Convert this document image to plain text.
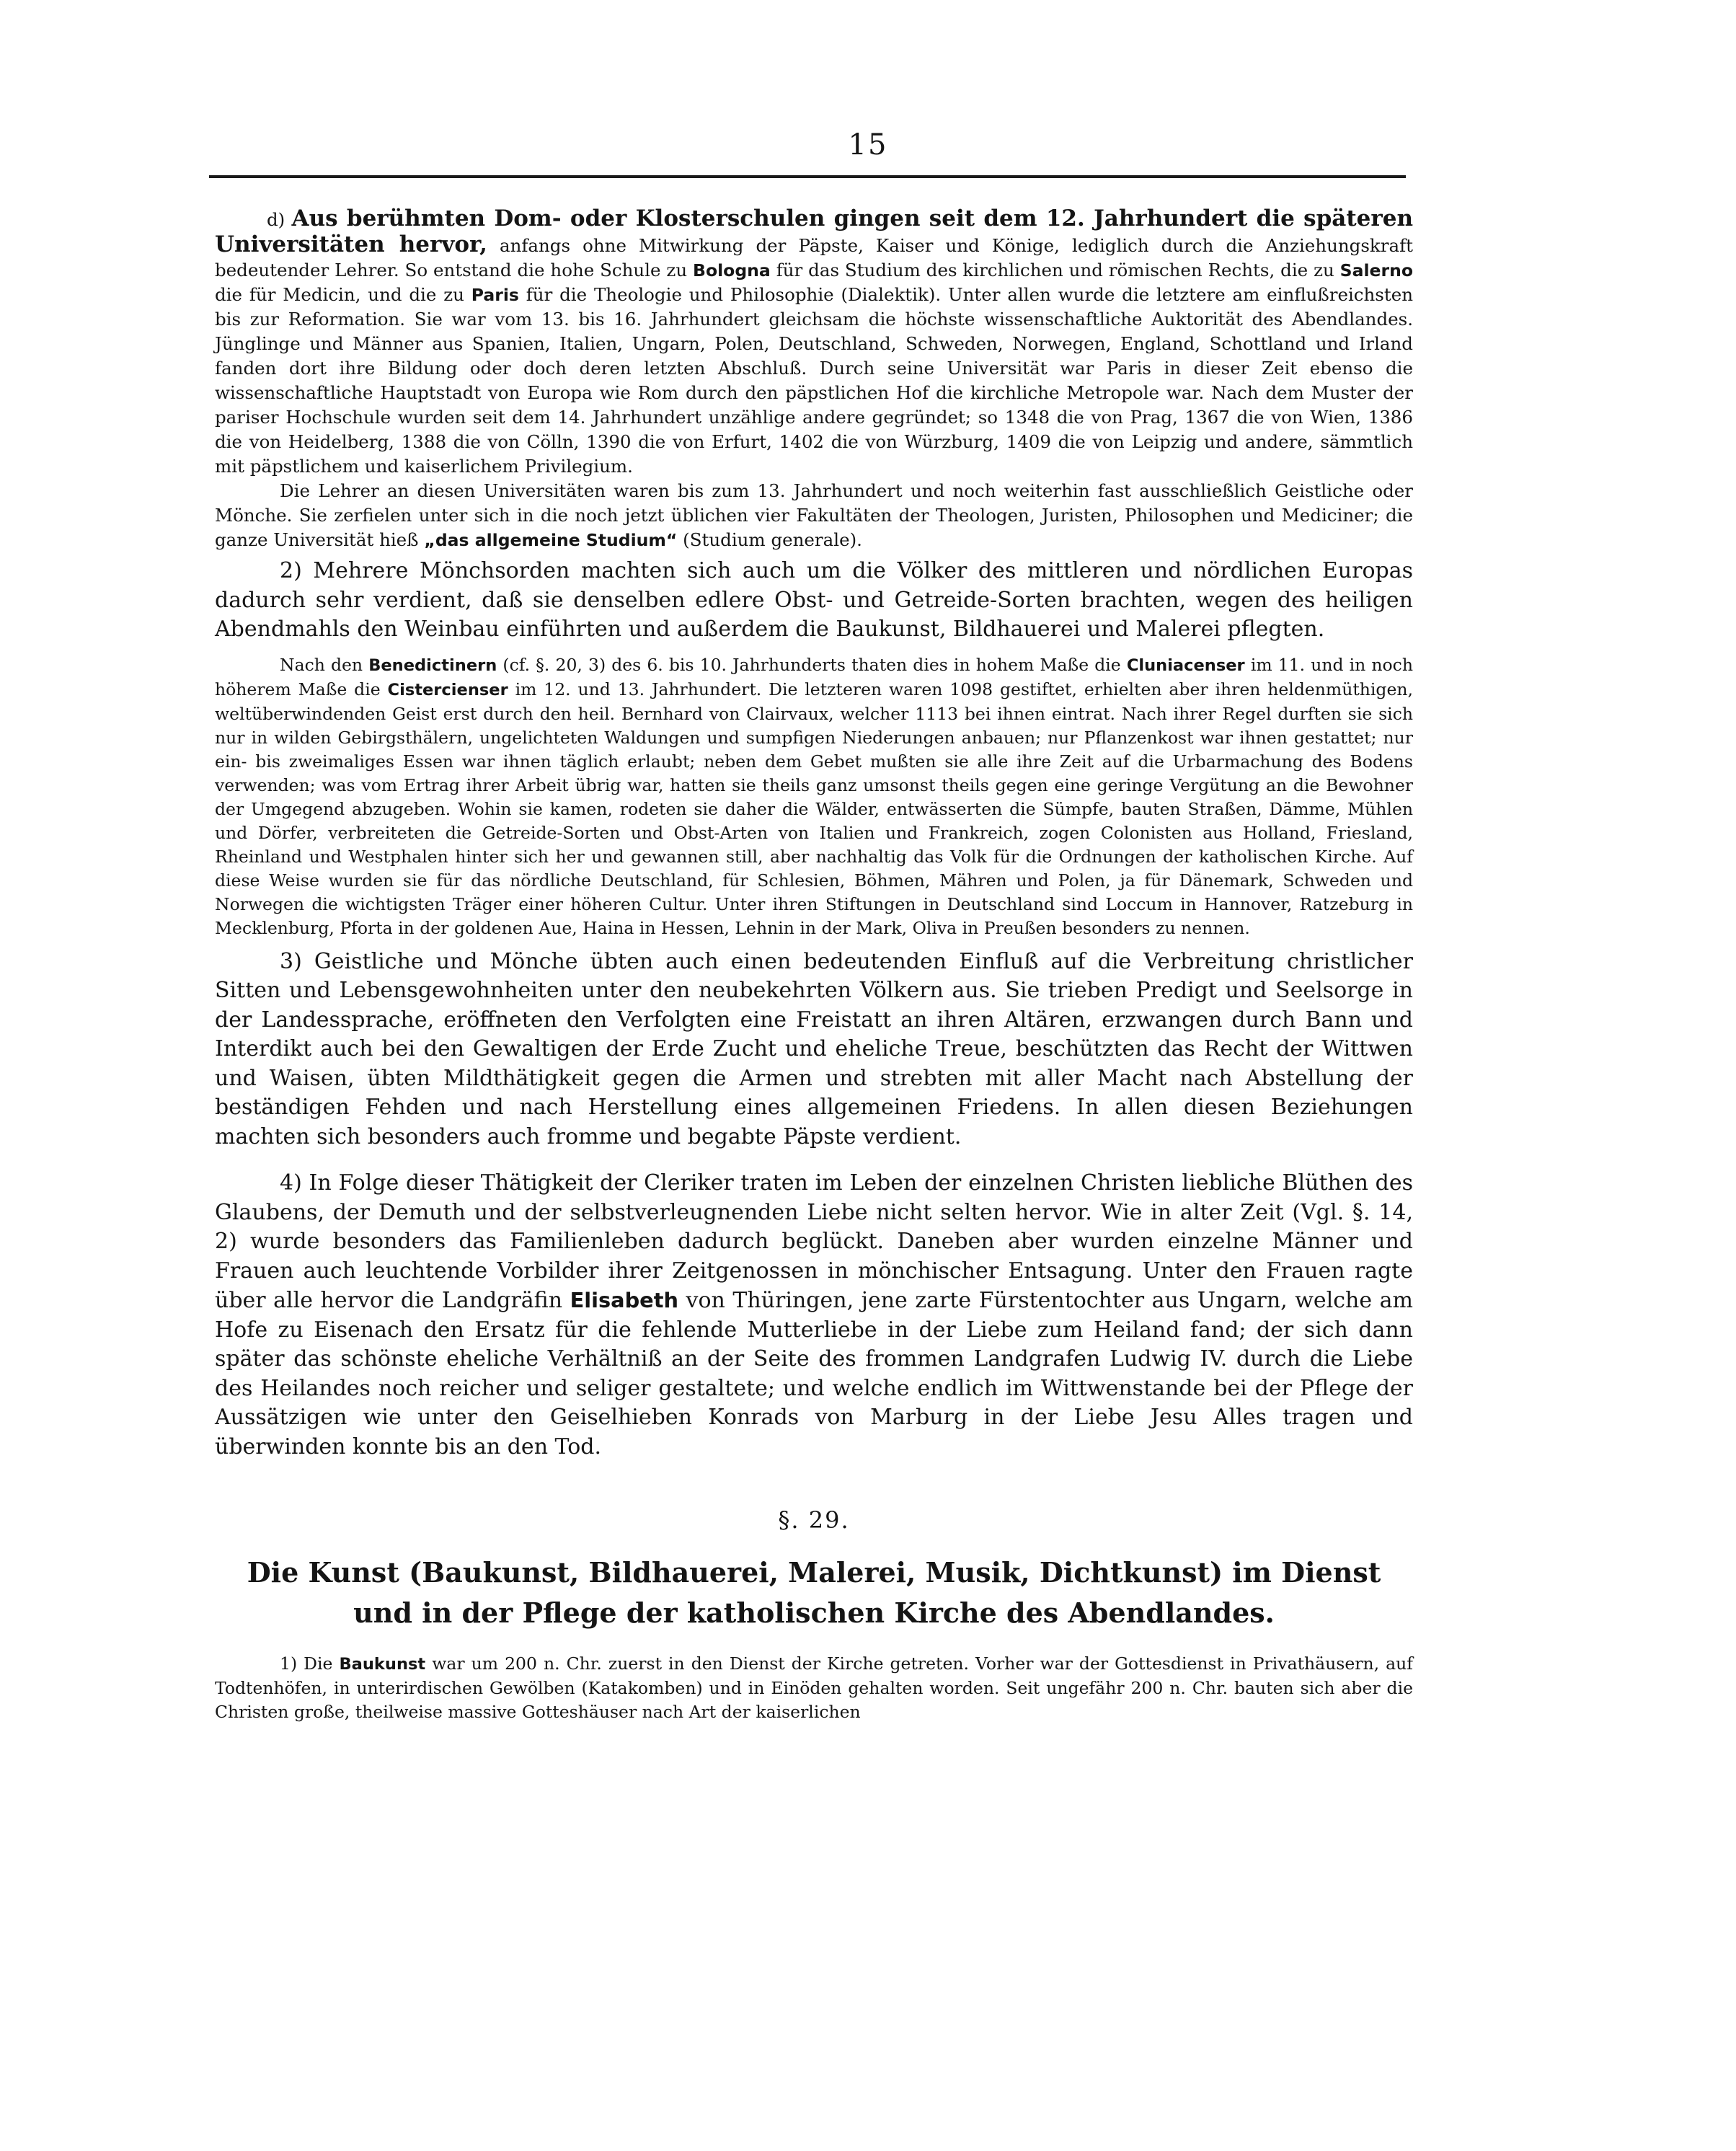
15

d) Aus berühmten Dom- oder Klosterschulen gingen seit dem 12. Jahrhundert die späteren Universitäten hervor, anfangs ohne Mitwirkung der Päpste, Kaiser und Könige, lediglich durch die Anziehungskraft bedeutender Lehrer. So entstand die hohe Schule zu Bologna für das Studium des kirchlichen und römischen Rechts, die zu Salerno die für Medicin, und die zu Paris für die Theologie und Philosophie (Dialektik). Unter allen wurde die letztere am einflußreichsten bis zur Reformation. Sie war vom 13. bis 16. Jahrhundert gleichsam die höchste wissenschaftliche Auktorität des Abendlandes. Jünglinge und Männer aus Spanien, Italien, Ungarn, Polen, Deutschland, Schweden, Norwegen, England, Schottland und Irland fanden dort ihre Bildung oder doch deren letzten Abschluß. Durch seine Universität war Paris in dieser Zeit ebenso die wissenschaftliche Hauptstadt von Europa wie Rom durch den päpstlichen Hof die kirchliche Metropole war. Nach dem Muster der pariser Hochschule wurden seit dem 14. Jahrhundert unzählige andere gegründet; so 1348 die von Prag, 1367 die von Wien, 1386 die von Heidelberg, 1388 die von Cölln, 1390 die von Erfurt, 1402 die von Würzburg, 1409 die von Leipzig und andere, sämmtlich mit päpstlichem und kaiserlichem Privilegium.

Die Lehrer an diesen Universitäten waren bis zum 13. Jahrhundert und noch weiterhin fast ausschließlich Geistliche oder Mönche. Sie zerfielen unter sich in die noch jetzt üblichen vier Fakultäten der Theologen, Juristen, Philosophen und Mediciner; die ganze Universität hieß „das allgemeine Studium“ (Studium generale).

2) Mehrere Mönchsorden machten sich auch um die Völker des mittleren und nördlichen Europas dadurch sehr verdient, daß sie denselben edlere Obst- und Getreide-Sorten brachten, wegen des heiligen Abendmahls den Weinbau einführten und außerdem die Baukunst, Bildhauerei und Malerei pflegten.

Nach den Benedictinern (cf. §. 20, 3) des 6. bis 10. Jahrhunderts thaten dies in hohem Maße die Cluniacenser im 11. und in noch höherem Maße die Cistercienser im 12. und 13. Jahrhundert. Die letzteren waren 1098 gestiftet, erhielten aber ihren heldenmüthigen, weltüberwindenden Geist erst durch den heil. Bernhard von Clairvaux, welcher 1113 bei ihnen eintrat. Nach ihrer Regel durften sie sich nur in wilden Gebirgsthälern, ungelichteten Waldungen und sumpfigen Niederungen anbauen; nur Pflanzenkost war ihnen gestattet; nur ein- bis zweimaliges Essen war ihnen täglich erlaubt; neben dem Gebet mußten sie alle ihre Zeit auf die Urbarmachung des Bodens verwenden; was vom Ertrag ihrer Arbeit übrig war, hatten sie theils ganz umsonst theils gegen eine geringe Vergütung an die Bewohner der Umgegend abzugeben. Wohin sie kamen, rodeten sie daher die Wälder, entwässerten die Sümpfe, bauten Straßen, Dämme, Mühlen und Dörfer, verbreiteten die Getreide-Sorten und Obst-Arten von Italien und Frankreich, zogen Colonisten aus Holland, Friesland, Rheinland und Westphalen hinter sich her und gewannen still, aber nachhaltig das Volk für die Ordnungen der katholischen Kirche. Auf diese Weise wurden sie für das nördliche Deutschland, für Schlesien, Böhmen, Mähren und Polen, ja für Dänemark, Schweden und Norwegen die wichtigsten Träger einer höheren Cultur. Unter ihren Stiftungen in Deutschland sind Loccum in Hannover, Ratzeburg in Mecklenburg, Pforta in der goldenen Aue, Haina in Hessen, Lehnin in der Mark, Oliva in Preußen besonders zu nennen.

3) Geistliche und Mönche übten auch einen bedeutenden Einfluß auf die Verbreitung christlicher Sitten und Lebensgewohnheiten unter den neubekehrten Völkern aus. Sie trieben Predigt und Seelsorge in der Landessprache, eröffneten den Verfolgten eine Freistatt an ihren Altären, erzwangen durch Bann und Interdikt auch bei den Gewaltigen der Erde Zucht und eheliche Treue, beschützten das Recht der Wittwen und Waisen, übten Mildthätigkeit gegen die Armen und strebten mit aller Macht nach Abstellung der beständigen Fehden und nach Herstellung eines allgemeinen Friedens. In allen diesen Beziehungen machten sich besonders auch fromme und begabte Päpste verdient.

4) In Folge dieser Thätigkeit der Cleriker traten im Leben der einzelnen Christen liebliche Blüthen des Glaubens, der Demuth und der selbstverleugnenden Liebe nicht selten hervor. Wie in alter Zeit (Vgl. §. 14, 2) wurde besonders das Familienleben dadurch beglückt. Daneben aber wurden einzelne Männer und Frauen auch leuchtende Vorbilder ihrer Zeitgenossen in mönchischer Entsagung. Unter den Frauen ragte über alle hervor die Landgräfin Elisabeth von Thüringen, jene zarte Fürstentochter aus Ungarn, welche am Hofe zu Eisenach den Ersatz für die fehlende Mutterliebe in der Liebe zum Heiland fand; der sich dann später das schönste eheliche Verhältniß an der Seite des frommen Landgrafen Ludwig IV. durch die Liebe des Heilandes noch reicher und seliger gestaltete; und welche endlich im Wittwenstande bei der Pflege der Aussätzigen wie unter den Geiselhieben Konrads von Marburg in der Liebe Jesu Alles tragen und überwinden konnte bis an den Tod.

§. 29.
Die Kunst (Baukunst, Bildhauerei, Malerei, Musik, Dichtkunst) im Dienst
und in der Pflege der katholischen Kirche des Abendlandes.

1) Die Baukunst war um 200 n. Chr. zuerst in den Dienst der Kirche getreten. Vorher war der Gottesdienst in Privathäusern, auf Todtenhöfen, in unterirdischen Gewölben (Katakomben) und in Einöden gehalten worden. Seit ungefähr 200 n. Chr. bauten sich aber die Christen große, theilweise massive Gotteshäuser nach Art der kaiserlichen
